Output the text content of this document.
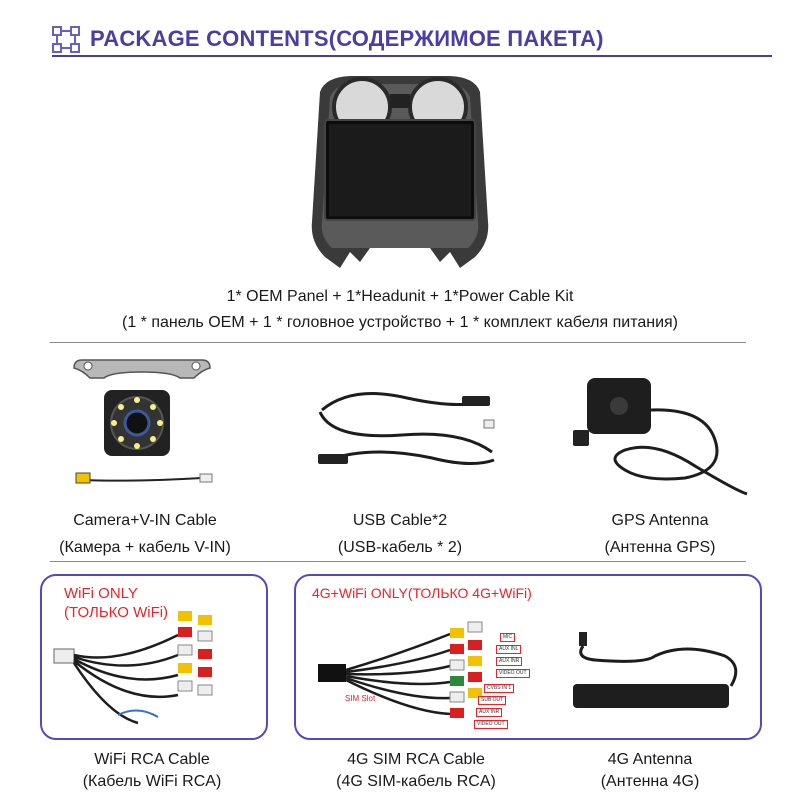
PACKAGE CONTENTS(СОДЕРЖИМОЕ ПАКЕТА)
1* OEM Panel + 1*Headunit + 1*Power Cable Kit
(1 * панель OEM + 1 * головное устройство + 1 * комплект кабеля питания)
Camera+V-IN Cable
(Камера + кабель V-IN)
USB Cable*2
(USB-кабель * 2)
GPS Antenna
(Антенна GPS)
WiFi ONLY
(ТОЛЬКО WiFi)
4G+WiFi ONLY(ТОЛЬКО 4G+WiFi)
SIM Slot
MIC
AUX INL
AUX INR
VIDEO OUT
CVBS IN 1
SUB OUT
AUX INR
VIDEO OUT
WiFi RCA Cable
(Кабель WiFi RCA)
4G SIM RCA Cable
(4G SIM-кабель RCA)
4G Antenna
(Антенна 4G)
